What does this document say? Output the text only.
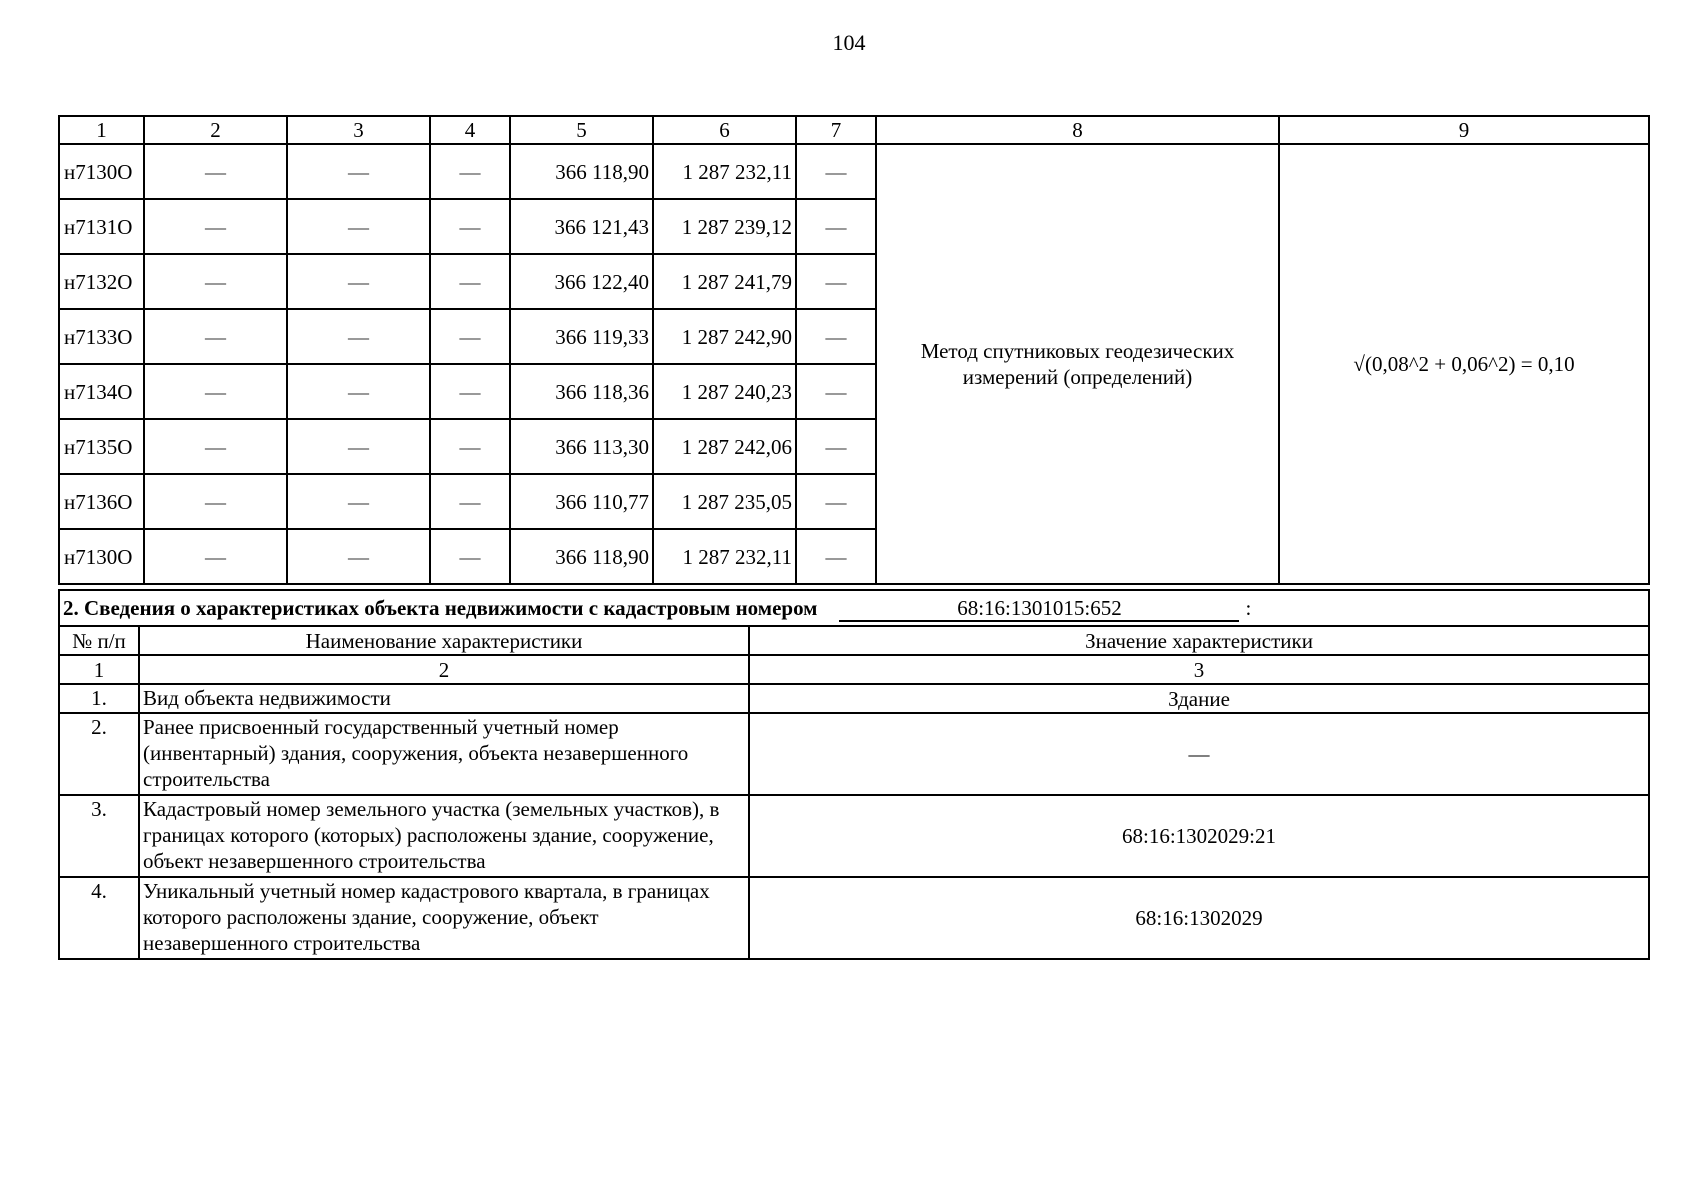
104
1	2	3	4	5	6	7	8	9
н7130О	—	—	—	366 118,90	1 287 232,11	—	Метод спутниковых геодезических измерений (определений)	√(0,08^2 + 0,06^2) = 0,10
н7131О	—	—	—	366 121,43	1 287 239,12	—		
н7132О	—	—	—	366 122,40	1 287 241,79	—		
н7133О	—	—	—	366 119,33	1 287 242,90	—		
н7134О	—	—	—	366 118,36	1 287 240,23	—		
н7135О	—	—	—	366 113,30	1 287 242,06	—		
н7136О	—	—	—	366 110,77	1 287 235,05	—		
н7130О	—	—	—	366 118,90	1 287 232,11	—		
2. Сведения о характеристиках объекта недвижимости с кадастровым номером 68:16:1301015:652 :		
№ п/п	Наименование характеристики	Значение характеристики
1	2	3
1.	Вид объекта недвижимости	Здание
2.	Ранее присвоенный государственный учетный номер (инвентарный) здания, сооружения, объекта незавершенного строительства	—
3.	Кадастровый номер земельного участка (земельных участков), в границах которого (которых) расположены здание, сооружение, объект незавершенного строительства	68:16:1302029:21
4.	Уникальный учетный номер кадастрового квартала, в границах которого расположены здание, сооружение, объект незавершенного строительства	68:16:1302029
